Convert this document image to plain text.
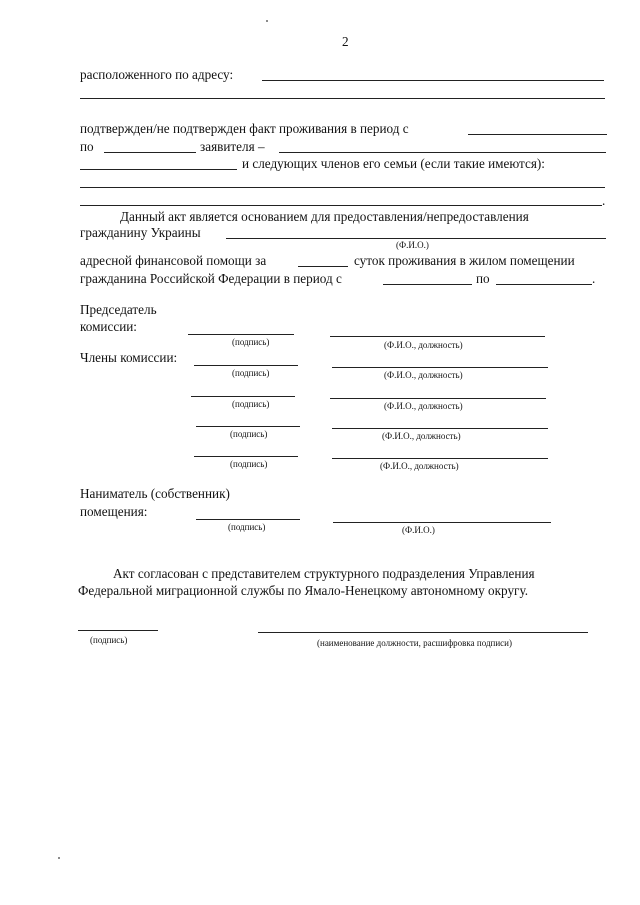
2
расположенного по адресу:
подтвержден/не подтвержден факт проживания в период с
по	заявителя –
и следующих членов его семьи (если такие имеются):
.
Данный акт является основанием для предоставления/непредоставления
гражданину Украины
(Ф.И.О.)
адресной финансовой помощи за	суток проживания в жилом помещении
гражданина Российской Федерации в период с	по	.
Председатель
комиссии:
(подпись)	(Ф.И.О., должность)
Члены комиссии:
(подпись)	(Ф.И.О., должность)
(подпись)	(Ф.И.О., должность)
(подпись)	(Ф.И.О., должность)
(подпись)	(Ф.И.О., должность)
Наниматель (собственник)
помещения:
(подпись)	(Ф.И.О.)
Акт согласован с представителем структурного подразделения Управления
Федеральной миграционной службы по Ямало-Ненецкому автономному округу.
(подпись)	(наименование должности, расшифровка подписи)
